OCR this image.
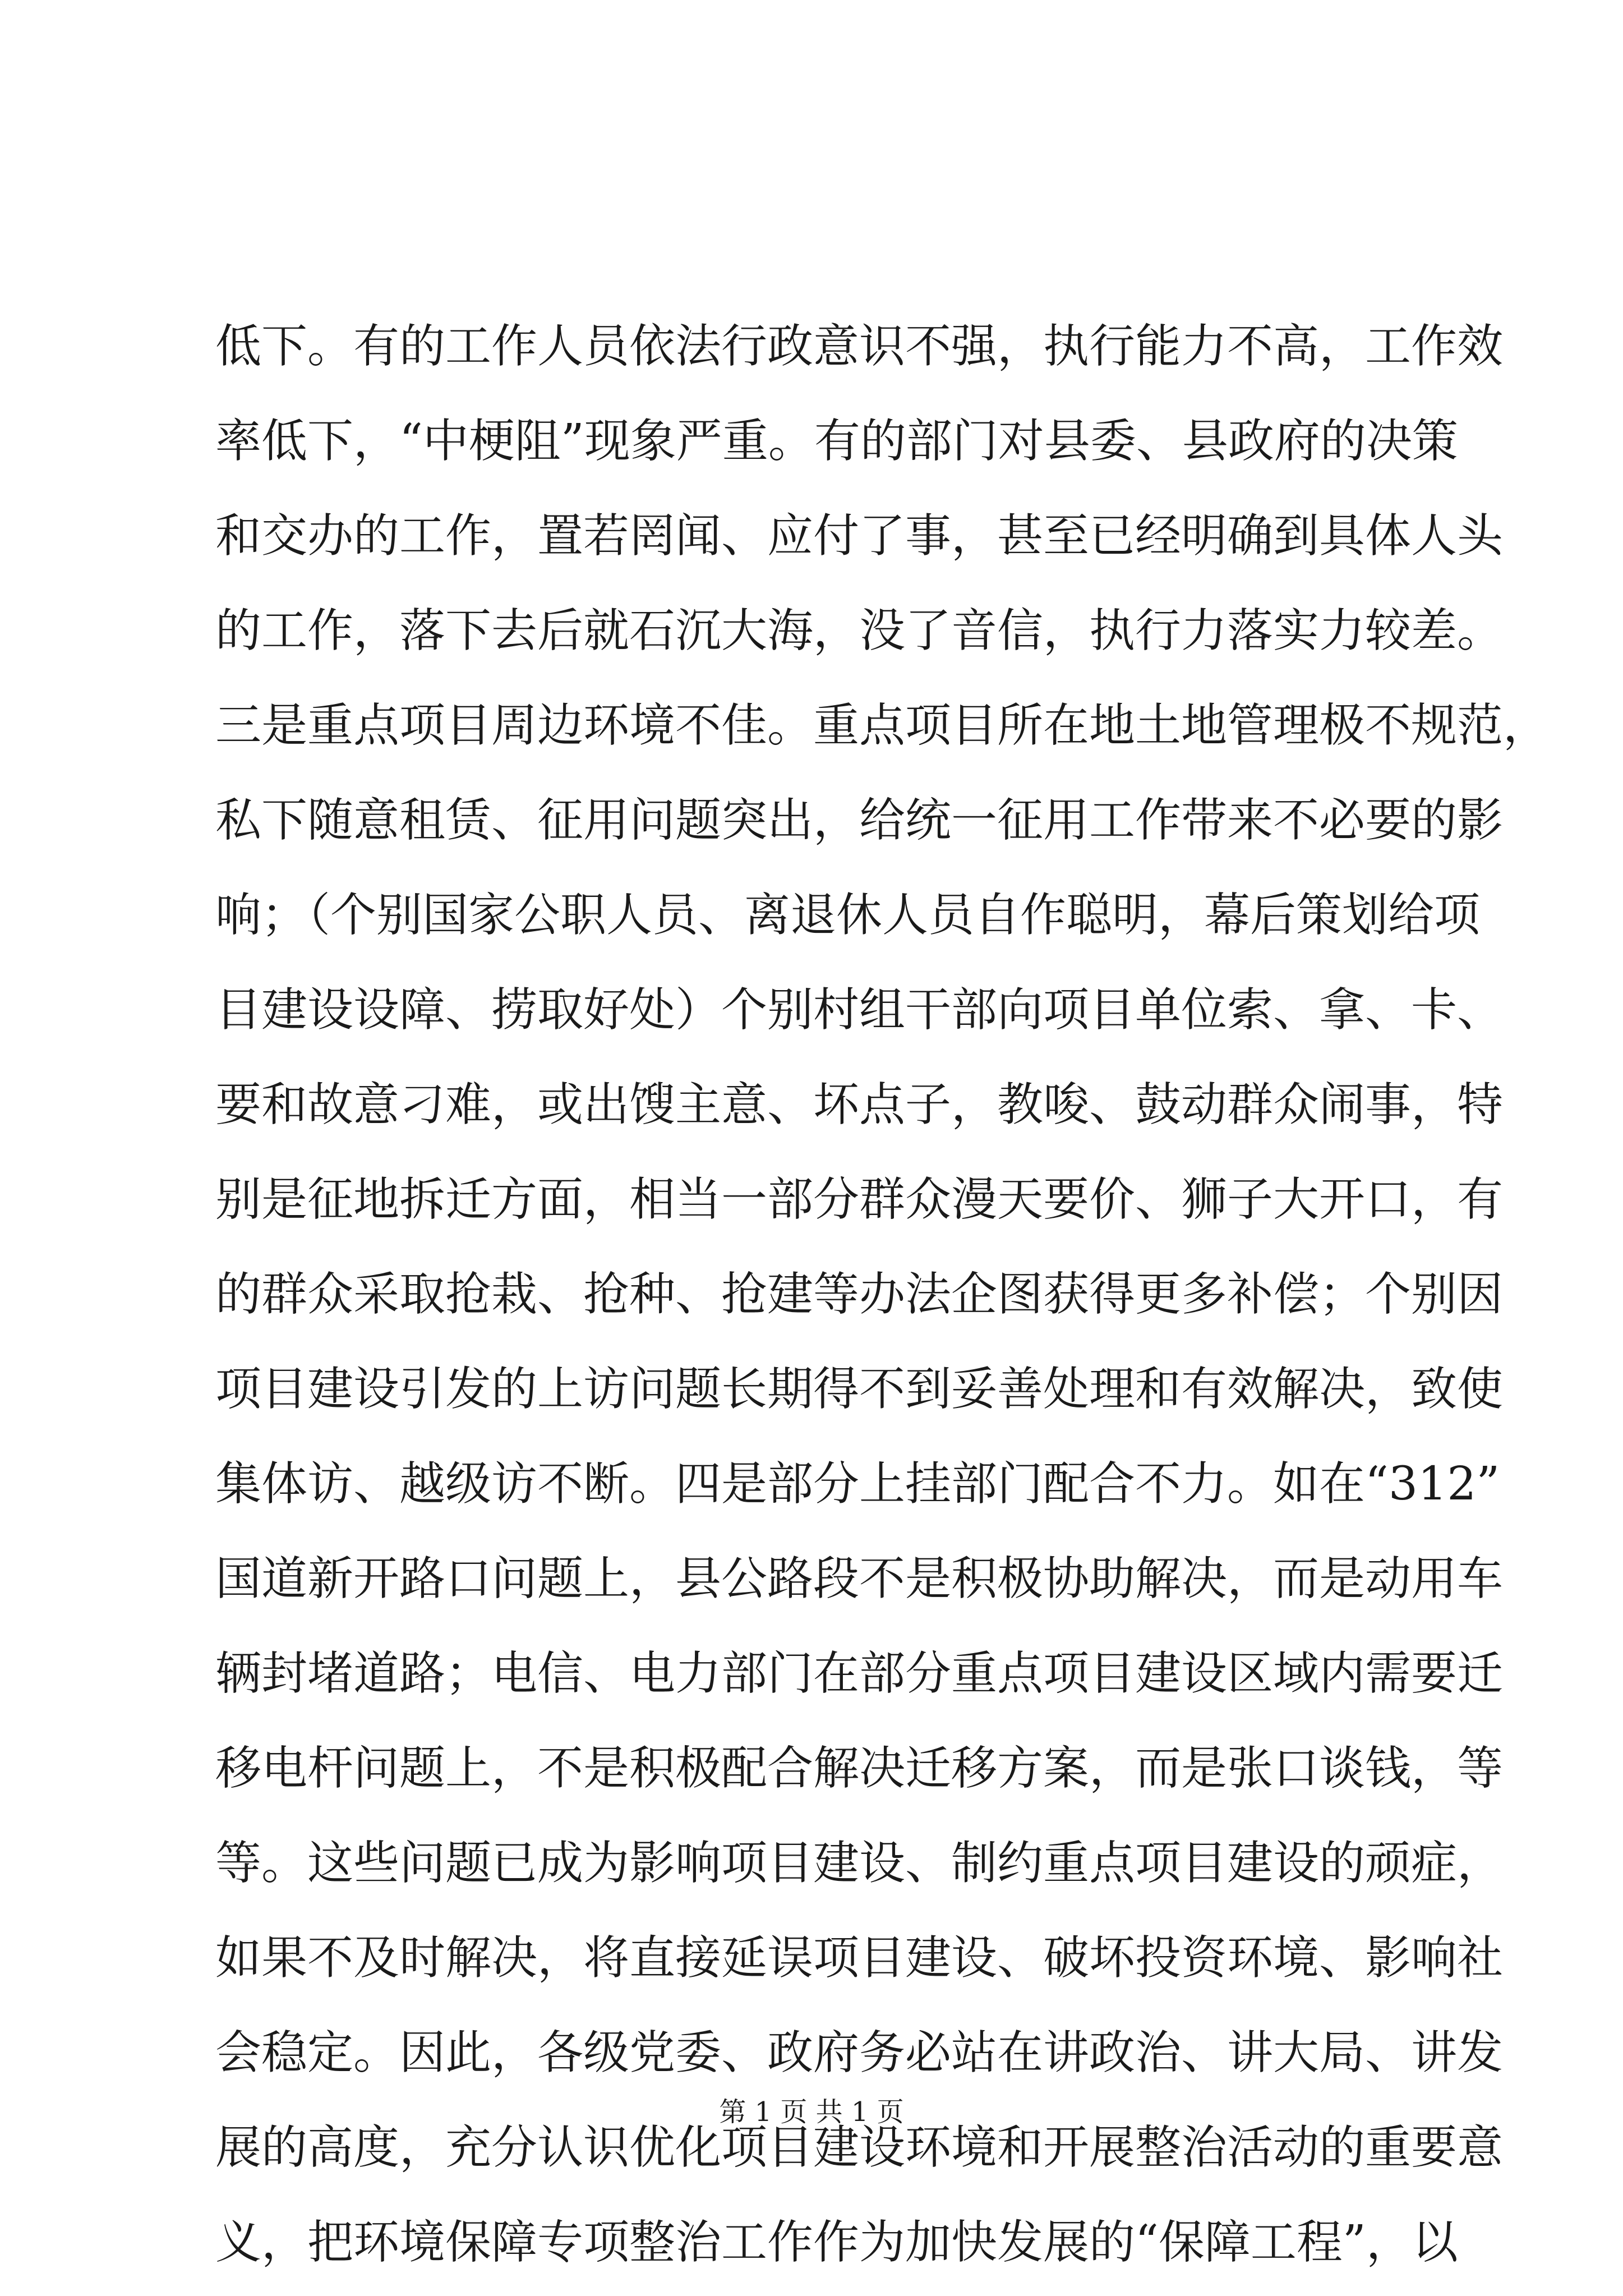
低下。有的工作人员依法行政意识不强，执行能力不高，工作效
率低下，“中梗阻”现象严重。有的部门对县委、县政府的决策
和交办的工作，置若罔闻、应付了事，甚至已经明确到具体人头
的工作，落下去后就石沉大海，没了音信，执行力落实力较差。
三是重点项目周边环境不佳。重点项目所在地土地管理极不规范，
私下随意租赁、征用问题突出，给统一征用工作带来不必要的影
响；（个别国家公职人员、离退休人员自作聪明，幕后策划给项
目建设设障、捞取好处）个别村组干部向项目单位索、拿、卡、
要和故意刁难，或出馊主意、坏点子，教唆、鼓动群众闹事，特
别是征地拆迁方面，相当一部分群众漫天要价、狮子大开口，有
的群众采取抢栽、抢种、抢建等办法企图获得更多补偿；个别因
项目建设引发的上访问题长期得不到妥善处理和有效解决，致使
集体访、越级访不断。四是部分上挂部门配合不力。如在“312”
国道新开路口问题上，县公路段不是积极协助解决，而是动用车
辆封堵道路；电信、电力部门在部分重点项目建设区域内需要迁
移电杆问题上，不是积极配合解决迁移方案，而是张口谈钱，等
等。这些问题已成为影响项目建设、制约重点项目建设的顽症，
如果不及时解决，将直接延误项目建设、破坏投资环境、影响社
会稳定。因此，各级党委、政府务必站在讲政治、讲大局、讲发
展的高度，充分认识优化项目建设环境和开展整治活动的重要意
义，把环境保障专项整治工作作为加快发展的“保障工程”，以
第 1 页 共 1 页
